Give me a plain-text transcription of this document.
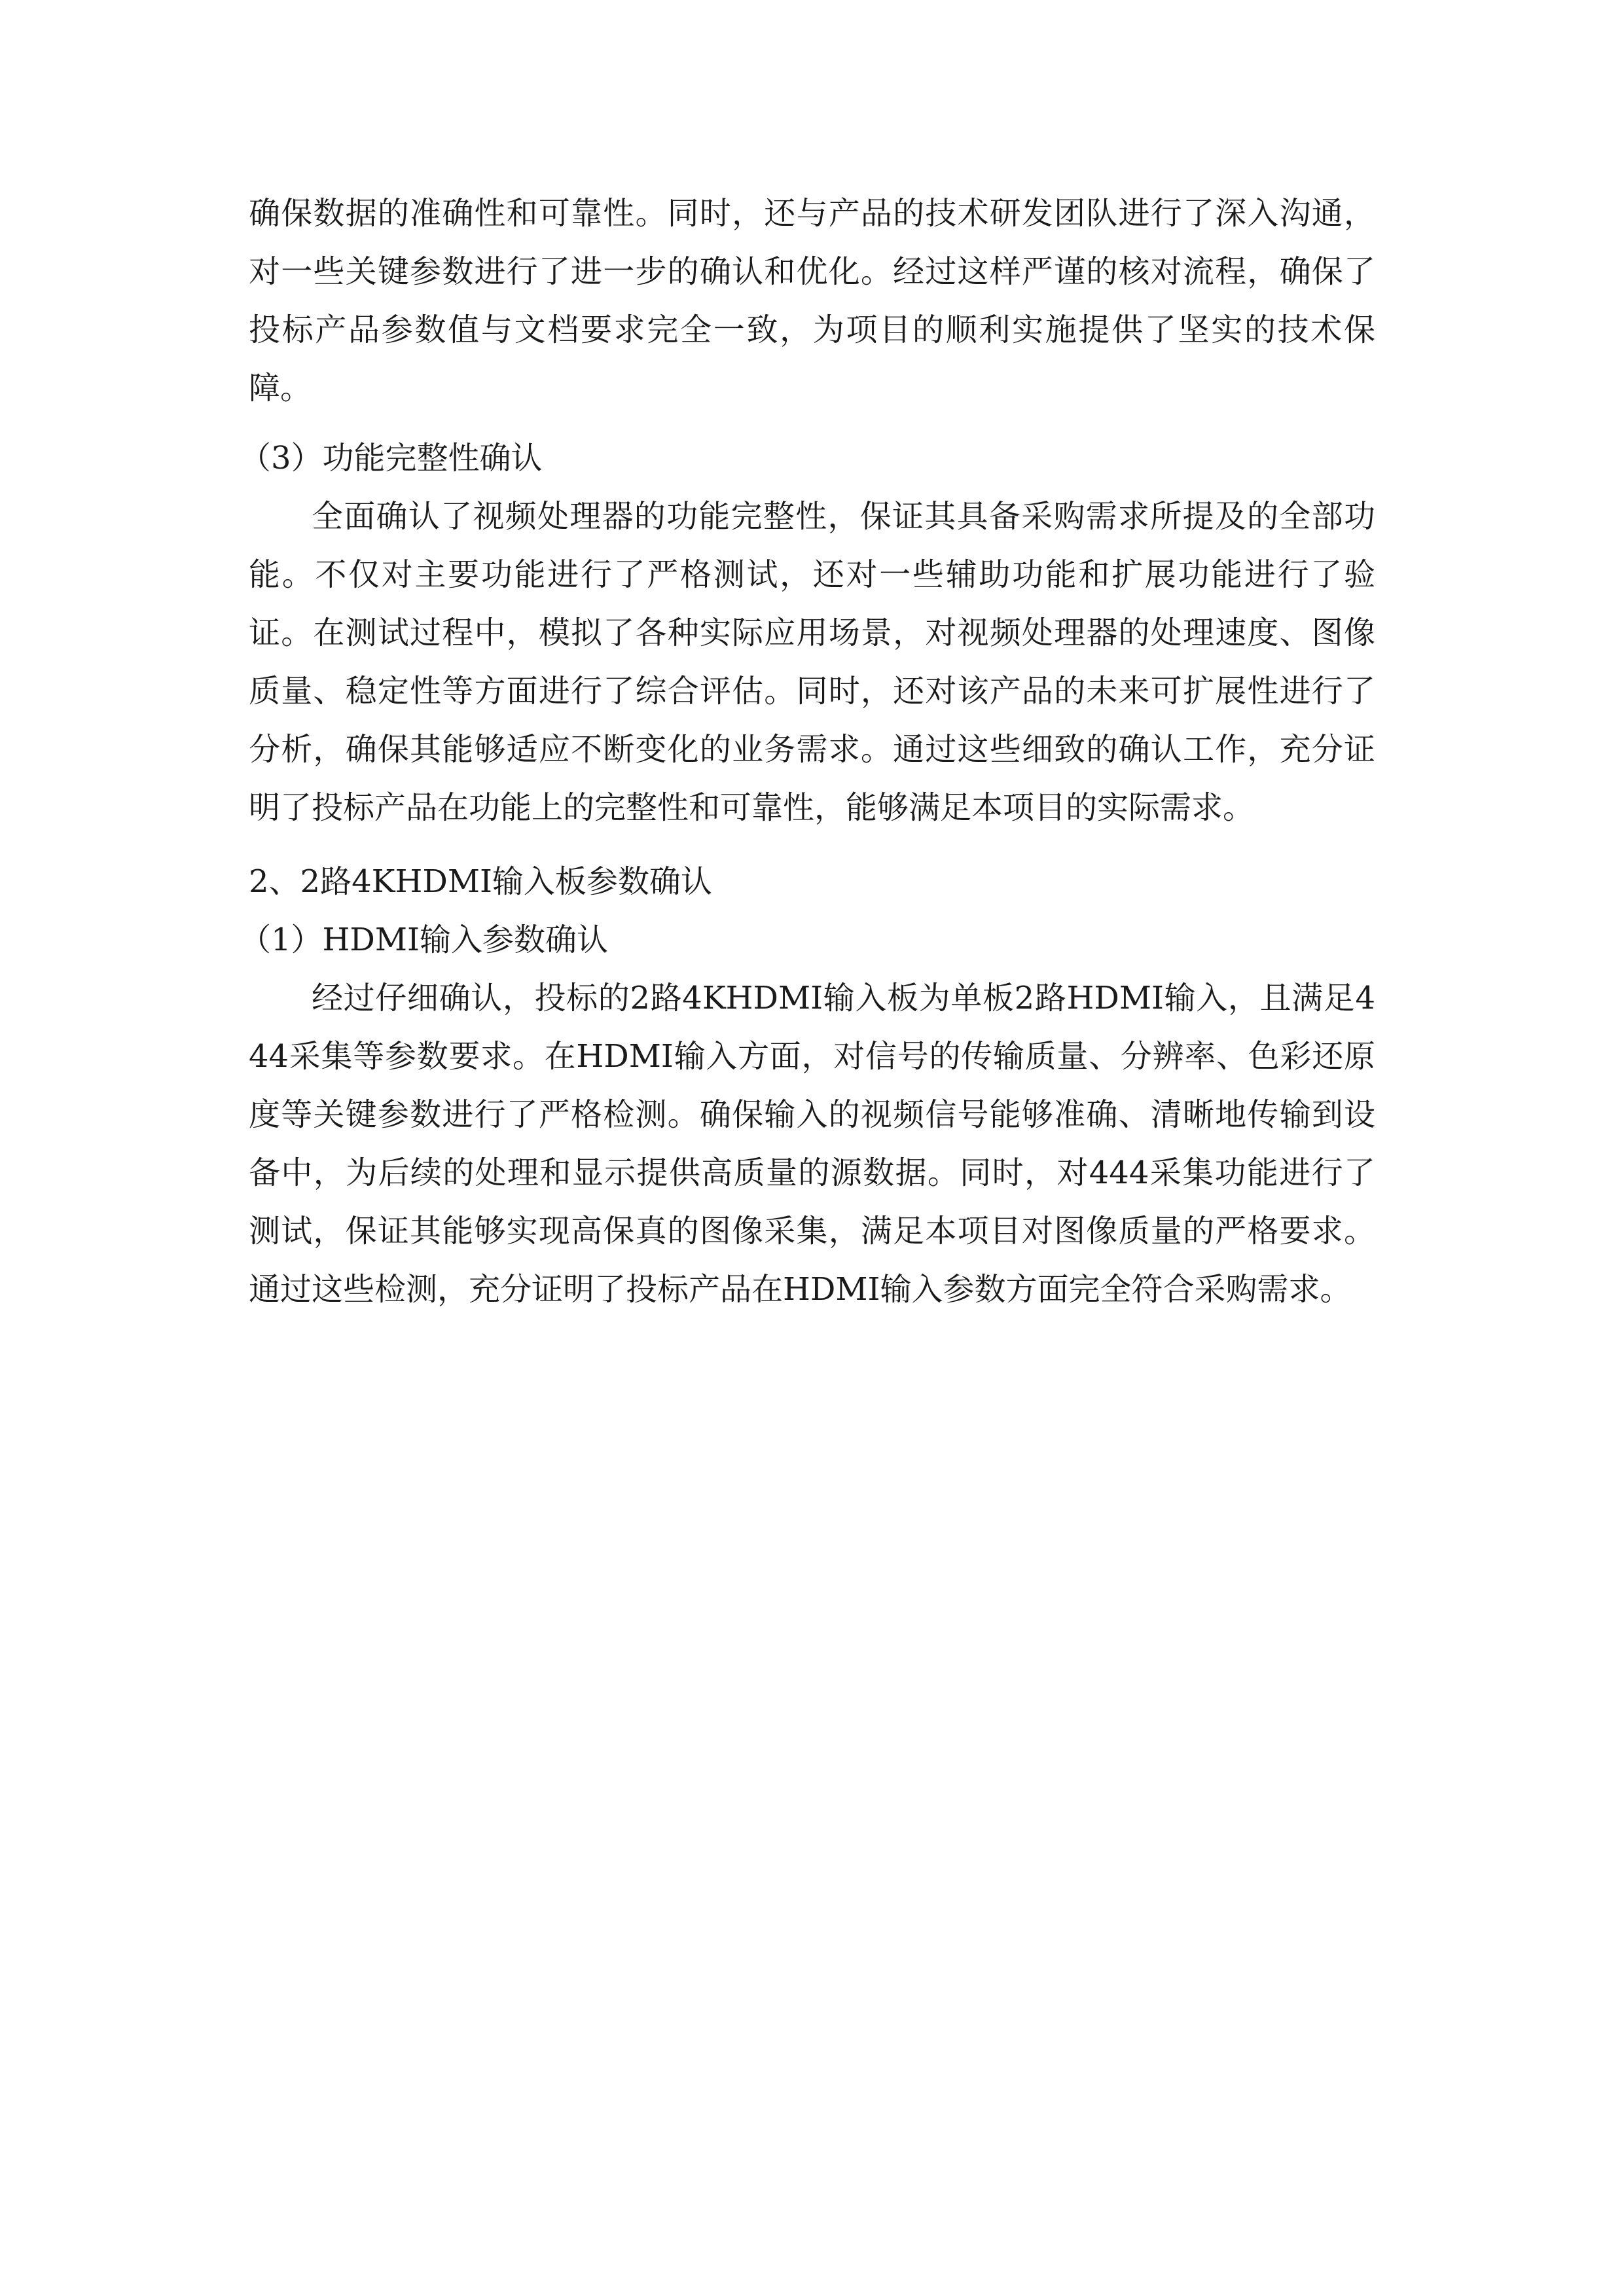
确保数据的准确性和可靠性。同时，还与产品的技术研发团队进行了深入沟通，对一些关键参数进行了进一步的确认和优化。经过这样严谨的核对流程，确保了投标产品参数值与文档要求完全一致，为项目的顺利实施提供了坚实的技术保障。

（3）功能完整性确认

全面确认了视频处理器的功能完整性，保证其具备采购需求所提及的全部功能。不仅对主要功能进行了严格测试，还对一些辅助功能和扩展功能进行了验证。在测试过程中，模拟了各种实际应用场景，对视频处理器的处理速度、图像质量、稳定性等方面进行了综合评估。同时，还对该产品的未来可扩展性进行了分析，确保其能够适应不断变化的业务需求。通过这些细致的确认工作，充分证明了投标产品在功能上的完整性和可靠性，能够满足本项目的实际需求。

2、2路4KHDMI输入板参数确认

（1）HDMI输入参数确认

经过仔细确认，投标的2路4KHDMI输入板为单板2路HDMI输入，且满足444采集等参数要求。在HDMI输入方面，对信号的传输质量、分辨率、色彩还原度等关键参数进行了严格检测。确保输入的视频信号能够准确、清晰地传输到设备中，为后续的处理和显示提供高质量的源数据。同时，对444采集功能进行了测试，保证其能够实现高保真的图像采集，满足本项目对图像质量的严格要求。通过这些检测，充分证明了投标产品在HDMI输入参数方面完全符合采购需求。
